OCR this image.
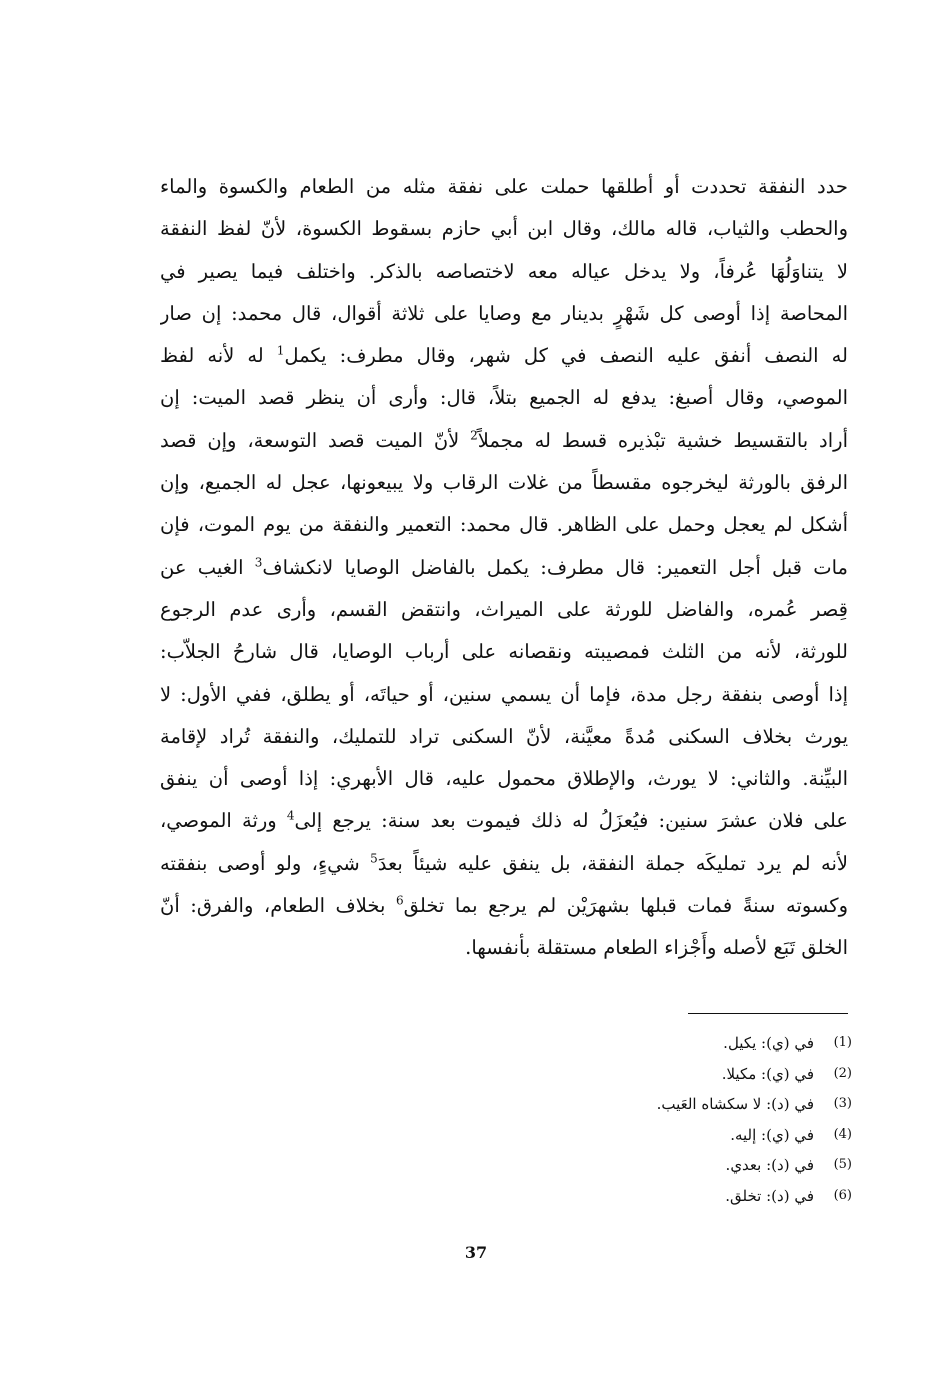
حدد النفقة تحددت أو أطلقها حملت على نفقة مثله من الطعام والكسوة والماء
والحطب والثياب، قاله مالك، وقال ابن أبي حازم بسقوط الكسوة، لأنّ لفظ النفقة
لا يتناوَلُهَا عُرفاً، ولا يدخل عياله معه لاختصاصه بالذكر. واختلف فيما يصير في
المحاصة إذا أوصى كل شَهْرٍ بدينار مع وصايا على ثلاثة أقوال، قال محمد: إن صار
له النصف أنفق عليه النصف في كل شهر، وقال مطرف: يكمل$^1$ له لأنه لفظ
الموصي، وقال أصبغ: يدفع له الجميع بتلاً، قال: وأرى أن ينظر قصد الميت: إن
أراد بالتقسيط خشية تبْذيره قسط له مجملاً$^2$ لأنّ الميت قصد التوسعة، وإن قصد
الرفق بالورثة ليخرجوه مقسطاً من غلات الرقاب ولا يبيعونها، عجل له الجميع، وإن
أشكل لم يعجل وحمل على الظاهر. قال محمد: التعمير والنفقة من يوم الموت، فإن
مات قبل أجل التعمير: قال مطرف: يكمل بالفاضل الوصايا لانكشاف$^3$ الغيب عن
قِصر عُمره، والفاضل للورثة على الميراث، وانتقض القسم، وأرى عدم الرجوع
للورثة، لأنه من الثلث فمصيبته ونقصانه على أرباب الوصايا، قال شارحُ الجلاّب:
إذا أوصى بنفقة رجل مدة، فإما أن يسمي سنين، أو حياتَه، أو يطلق، ففي الأول: لا
يورث بخلاف السكنى مُدةً معيَّنة، لأنّ السكنى تراد للتمليك، والنفقة تُراد لإقامة
البيِّنة. والثاني: لا يورث، والإطلاق محمول عليه، قال الأبهري: إذا أوصى أن ينفق
على فلان عشرَ سنين: فيُعزَلُ له ذلك فيموت بعد سنة: يرجع إلى$^4$ ورثة الموصي،
لأنه لم يرد تمليكَه جملة النفقة، بل ينفق عليه شيئاً بعدَ$^5$ شيءٍ، ولو أوصى بنفقته
وكسوته سنةً فمات قبلها بشهرَيْن لم يرجع بما تخلق$^6$ بخلاف الطعام، والفرق: أنّ
الخلق تَبَع لأصله وأَجْزاء الطعام مستقلة بأنفسها.
(1)
في (ي): يكيل.
(2)
في (ي): مكيلا.
(3)
في (د): لا سكشاه العَيب.
(4)
في (ي): إليه.
(5)
في (د): بعدي.
(6)
في (د): تخلق.
37
